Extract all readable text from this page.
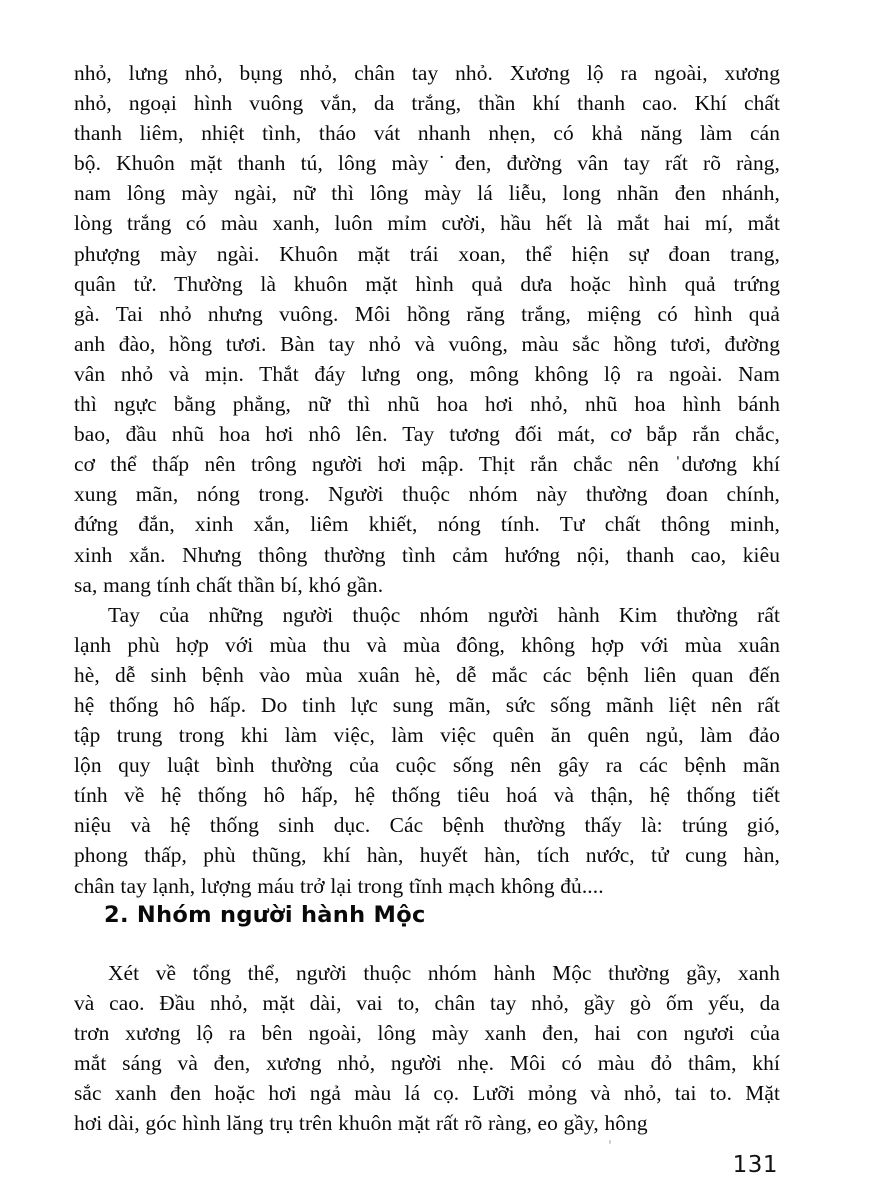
nhỏ, lưng nhỏ, bụng nhỏ, chân tay nhỏ. Xương lộ ra ngoài, xương
nhỏ, ngoại hình vuông vắn, da trắng, thần khí thanh cao. Khí chất
thanh liêm, nhiệt tình, tháo vát nhanh nhẹn, có khả năng làm cán
bộ. Khuôn mặt thanh tú, lông mày˙đen, đường vân tay rất rõ ràng,
nam lông mày ngài, nữ thì lông mày lá liễu, long nhãn đen nhánh,
lòng trắng có màu xanh, luôn mỉm cười, hầu hết là mắt hai mí, mắt
phượng mày ngài. Khuôn mặt trái xoan, thể hiện sự đoan trang,
quân tử. Thường là khuôn mặt hình quả dưa hoặc hình quả trứng
gà. Tai nhỏ nhưng vuông. Môi hồng răng trắng, miệng có hình quả
anh đào, hồng tươi. Bàn tay nhỏ và vuông, màu sắc hồng tươi, đường
vân nhỏ và mịn. Thắt đáy lưng ong, mông không lộ ra ngoài. Nam
thì ngực bằng phẳng, nữ thì nhũ hoa hơi nhỏ, nhũ hoa hình bánh
bao, đầu nhũ hoa hơi nhô lên. Tay tương đối mát, cơ bắp rắn chắc,
cơ thể thấp nên trông người hơi mập. Thịt rắn chắc nên ˈdương khí
xung mãn, nóng trong. Người thuộc nhóm này thường đoan chính,
đứng đắn, xinh xắn, liêm khiết, nóng tính. Tư chất thông minh,
xinh xắn. Nhưng thông thường tình cảm hướng nội, thanh cao, kiêu
sa, mang tính chất thần bí, khó gần.

Tay của những người thuộc nhóm người hành Kim thường rất
lạnh phù hợp với mùa thu và mùa đông, không hợp với mùa xuân
hè, dễ sinh bệnh vào mùa xuân hè, dễ mắc các bệnh liên quan đến
hệ thống hô hấp. Do tinh lực sung mãn, sức sống mãnh liệt nên rất
tập trung trong khi làm việc, làm việc quên ăn quên ngủ, làm đảo
lộn quy luật bình thường của cuộc sống nên gây ra các bệnh mãn
tính về hệ thống hô hấp, hệ thống tiêu hoá và thận, hệ thống tiết
niệu và hệ thống sinh dục. Các bệnh thường thấy là: trúng gió,
phong thấp, phù thũng, khí hàn, huyết hàn, tích nước, tử cung hàn,
chân tay lạnh, lượng máu trở lại trong tĩnh mạch không đủ....

2. Nhóm người hành Mộc

Xét về tổng thể, người thuộc nhóm hành Mộc thường gầy, xanh
và cao. Đầu nhỏ, mặt dài, vai to, chân tay nhỏ, gầy gò ốm yếu, da
trơn xương lộ ra bên ngoài, lông mày xanh đen, hai con ngươi của
mắt sáng và đen, xương nhỏ, người nhẹ. Môi có màu đỏ thâm, khí
sắc xanh đen hoặc hơi ngả màu lá cọ. Lưỡi mỏng và nhỏ, tai to. Mặt
hơi dài, góc hình lăng trụ trên khuôn mặt rất rõ ràng, eo gầy, hông

131
